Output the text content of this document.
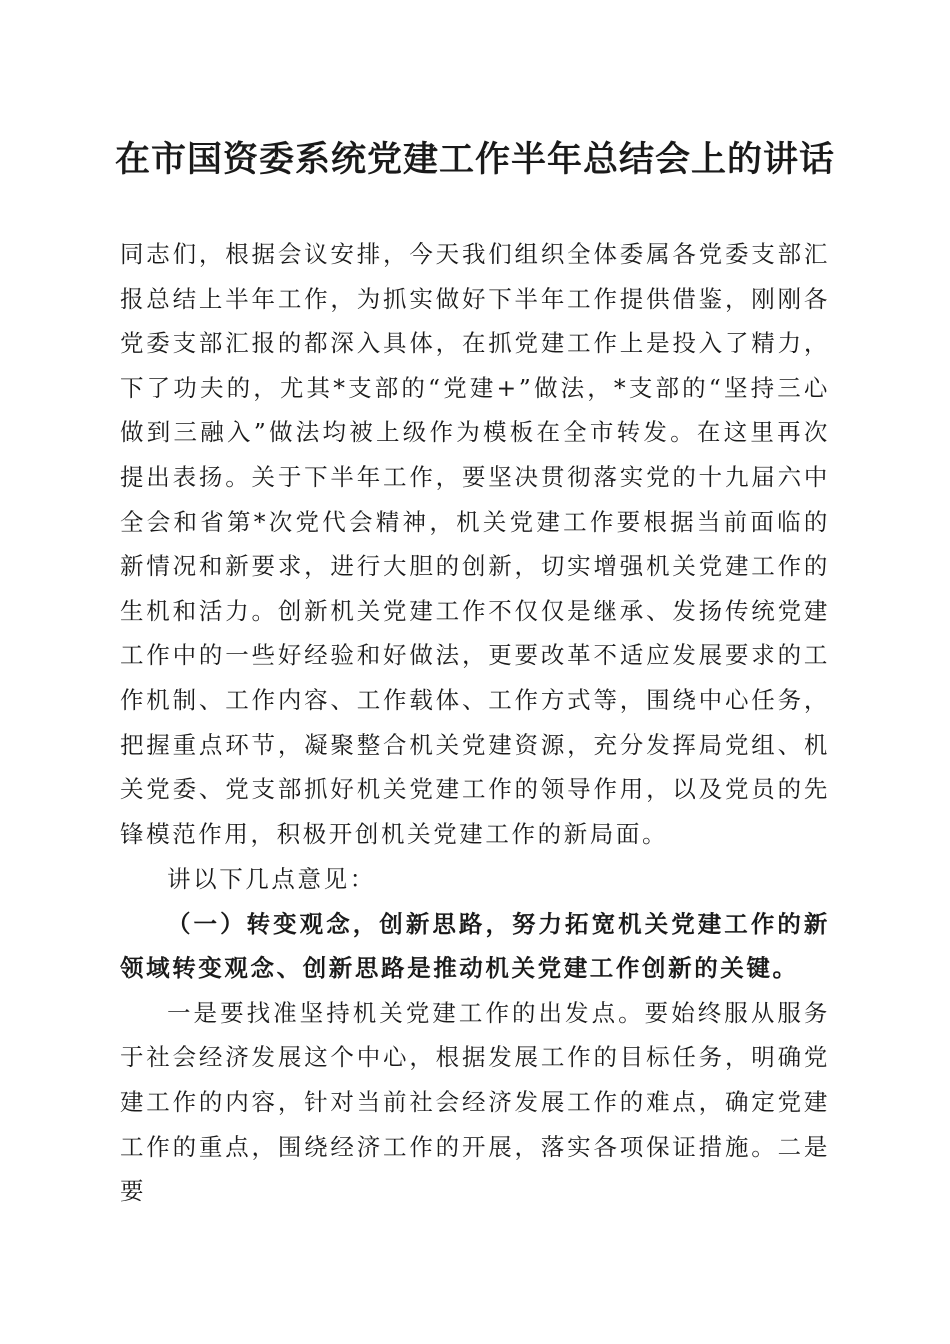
在市国资委系统党建工作半年总结会上的讲话

同志们，根据会议安排，今天我们组织全体委属各党委支部汇报总结上半年工作，为抓实做好下半年工作提供借鉴，刚刚各党委支部汇报的都深入具体，在抓党建工作上是投入了精力，下了功夫的，尤其*支部的“党建+”做法，*支部的“坚持三心做到三融入”做法均被上级作为模板在全市转发。在这里再次提出表扬。关于下半年工作，要坚决贯彻落实党的十九届六中全会和省第*次党代会精神，机关党建工作要根据当前面临的新情况和新要求，进行大胆的创新，切实增强机关党建工作的生机和活力。创新机关党建工作不仅仅是继承、发扬传统党建工作中的一些好经验和好做法，更要改革不适应发展要求的工作机制、工作内容、工作载体、工作方式等，围绕中心任务，把握重点环节，凝聚整合机关党建资源，充分发挥局党组、机关党委、党支部抓好机关党建工作的领导作用，以及党员的先锋模范作用，积极开创机关党建工作的新局面。

讲以下几点意见：

（一）转变观念，创新思路，努力拓宽机关党建工作的新领域转变观念、创新思路是推动机关党建工作创新的关键。

一是要找准坚持机关党建工作的出发点。要始终服从服务于社会经济发展这个中心，根据发展工作的目标任务，明确党建工作的内容，针对当前社会经济发展工作的难点，确定党建工作的重点，围绕经济工作的开展，落实各项保证措施。二是要
